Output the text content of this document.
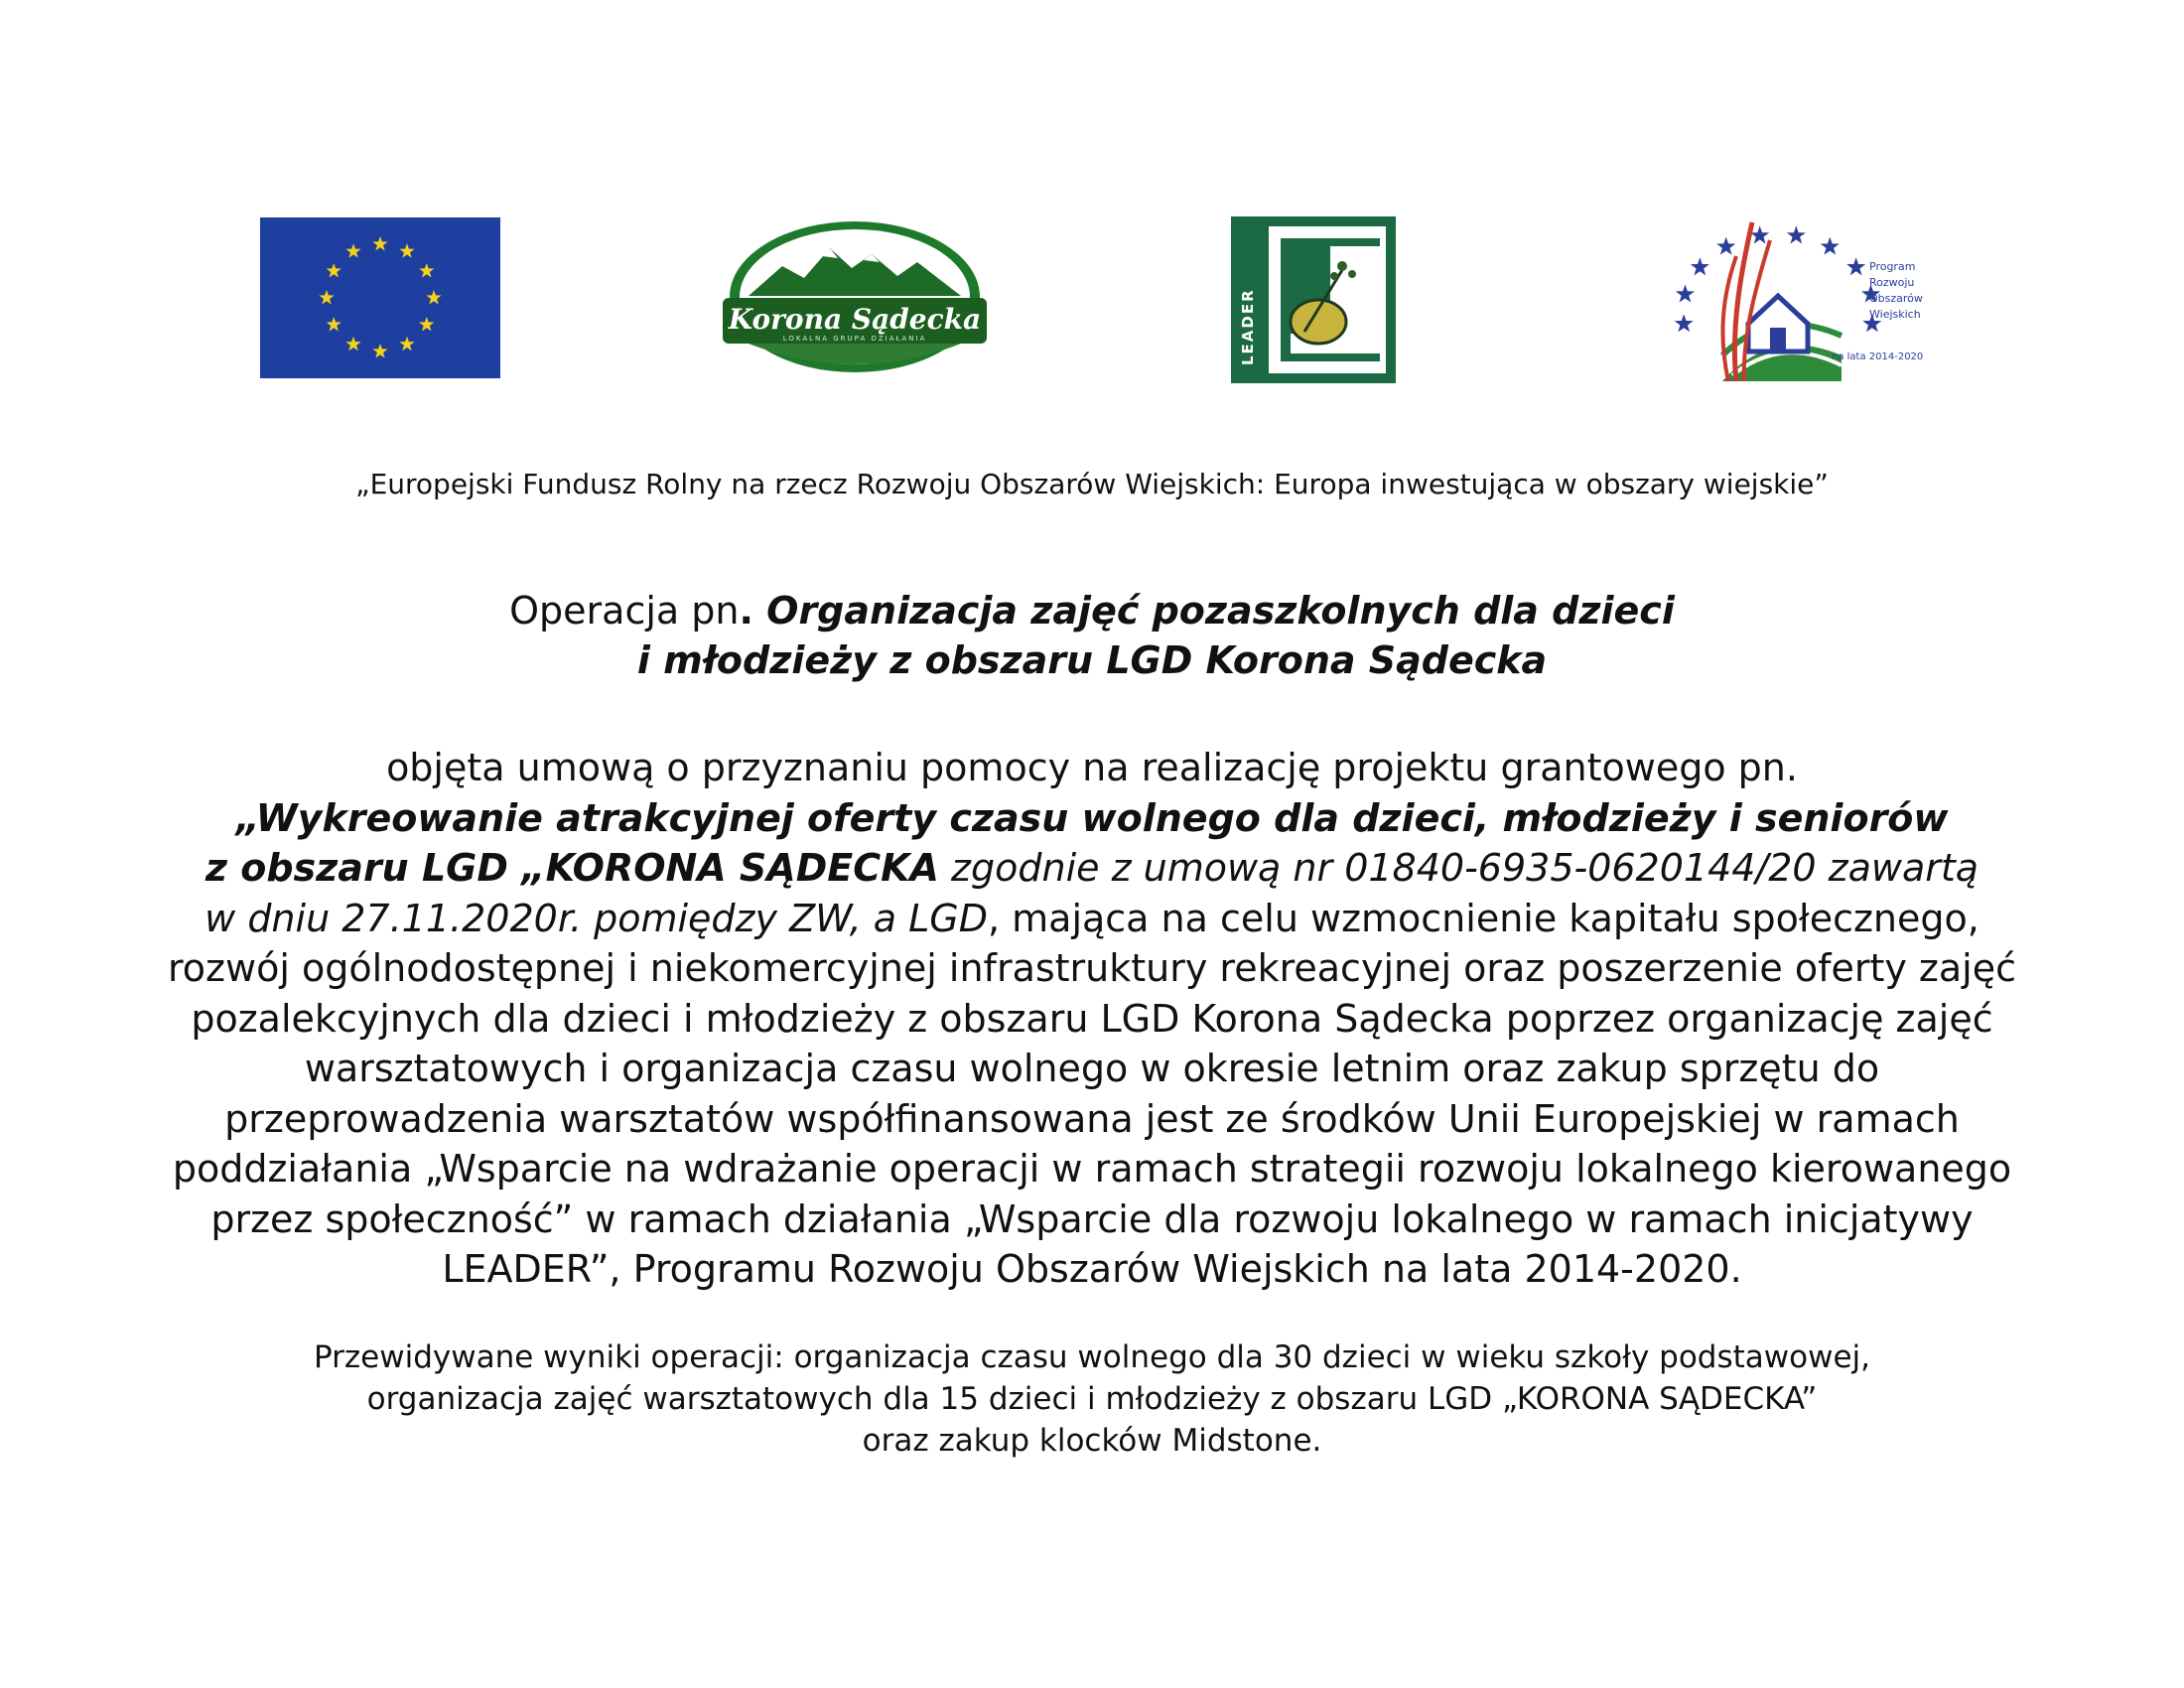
Korona Sądecka
LOKALNA GRUPA DZIAŁANIA	LEADER
Program
Rozwoju
Obszarów
Wiejskich
na lata 2014-2020
„Europejski Fundusz Rolny na rzecz Rozwoju Obszarów Wiejskich: Europa inwestująca w obszary wiejskie”
Operacja pn. Organizacja zajęć pozaszkolnych dla dzieci
i młodzieży z obszaru LGD Korona Sądecka
objęta umową o przyznaniu pomocy na realizację projektu grantowego pn.
„Wykreowanie atrakcyjnej oferty czasu wolnego dla dzieci, młodzieży i seniorów
z obszaru LGD „KORONA SĄDECKA zgodnie z umową nr 01840-6935-0620144/20 zawartą
w dniu 27.11.2020r. pomiędzy ZW, a LGD, mająca na celu wzmocnienie kapitału społecznego,
rozwój ogólnodostępnej i niekomercyjnej infrastruktury rekreacyjnej oraz poszerzenie oferty zajęć
pozalekcyjnych dla dzieci i młodzieży z obszaru LGD Korona Sądecka poprzez organizację zajęć
warsztatowych i organizacja czasu wolnego w okresie letnim oraz zakup sprzętu do
przeprowadzenia warsztatów współfinansowana jest ze środków Unii Europejskiej w ramach
poddziałania „Wsparcie na wdrażanie operacji w ramach strategii rozwoju lokalnego kierowanego
przez społeczność” w ramach działania „Wsparcie dla rozwoju lokalnego w ramach inicjatywy
LEADER”, Programu Rozwoju Obszarów Wiejskich na lata 2014-2020.
Przewidywane wyniki operacji: organizacja czasu wolnego dla 30 dzieci w wieku szkoły podstawowej,
organizacja zajęć warsztatowych dla 15 dzieci i młodzieży z obszaru LGD „KORONA SĄDECKA”
oraz zakup klocków Midstone.
